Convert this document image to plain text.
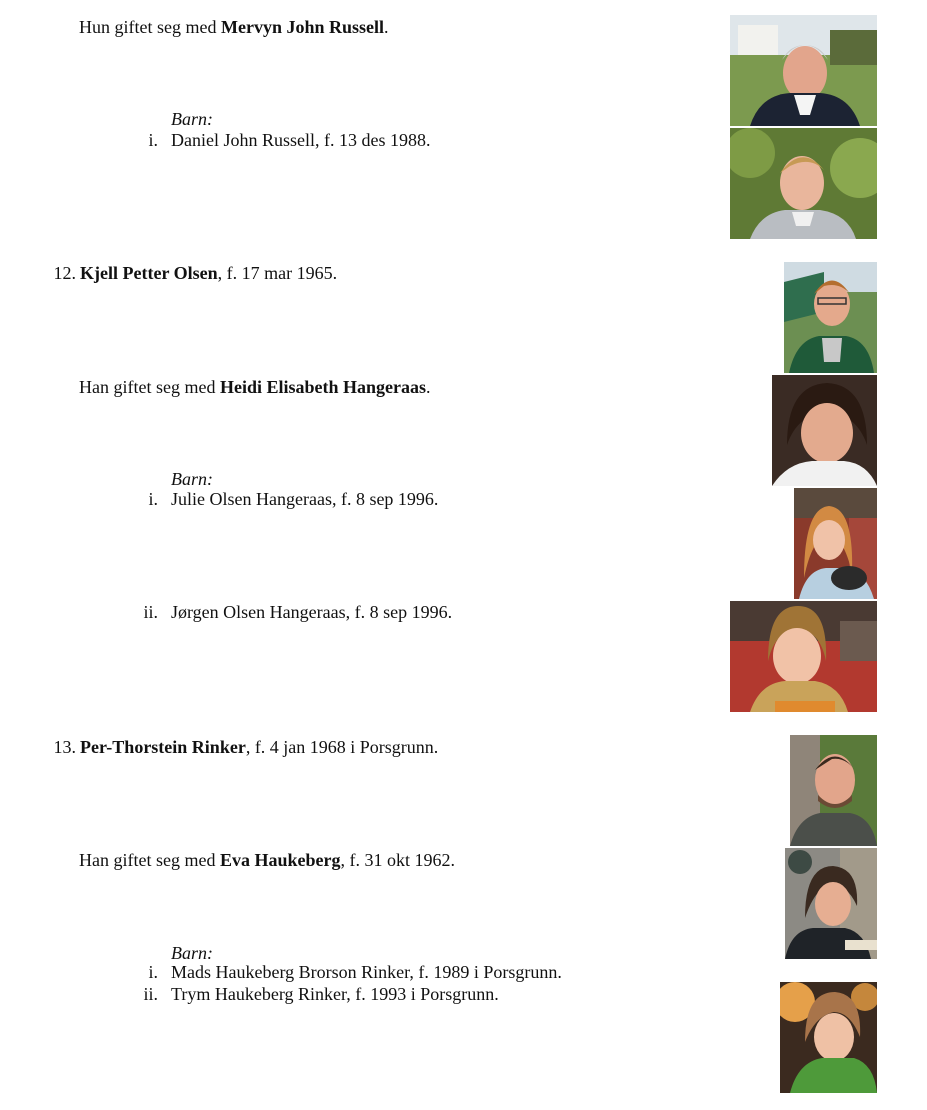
Hun giftet seg med Mervyn John Russell.
Barn:
i. Daniel John Russell, f. 13 des 1988.
12. Kjell Petter Olsen, f. 17 mar 1965.
Han giftet seg med Heidi Elisabeth Hangeraas.
Barn:
i. Julie Olsen Hangeraas, f. 8 sep 1996.
ii. Jørgen Olsen Hangeraas, f. 8 sep 1996.
13. Per-Thorstein Rinker, f. 4 jan 1968 i Porsgrunn.
Han giftet seg med Eva Haukeberg, f. 31 okt 1962.
Barn:
i. Mads Haukeberg Brorson Rinker, f. 1989 i Porsgrunn.
ii. Trym Haukeberg Rinker, f. 1993 i Porsgrunn.
